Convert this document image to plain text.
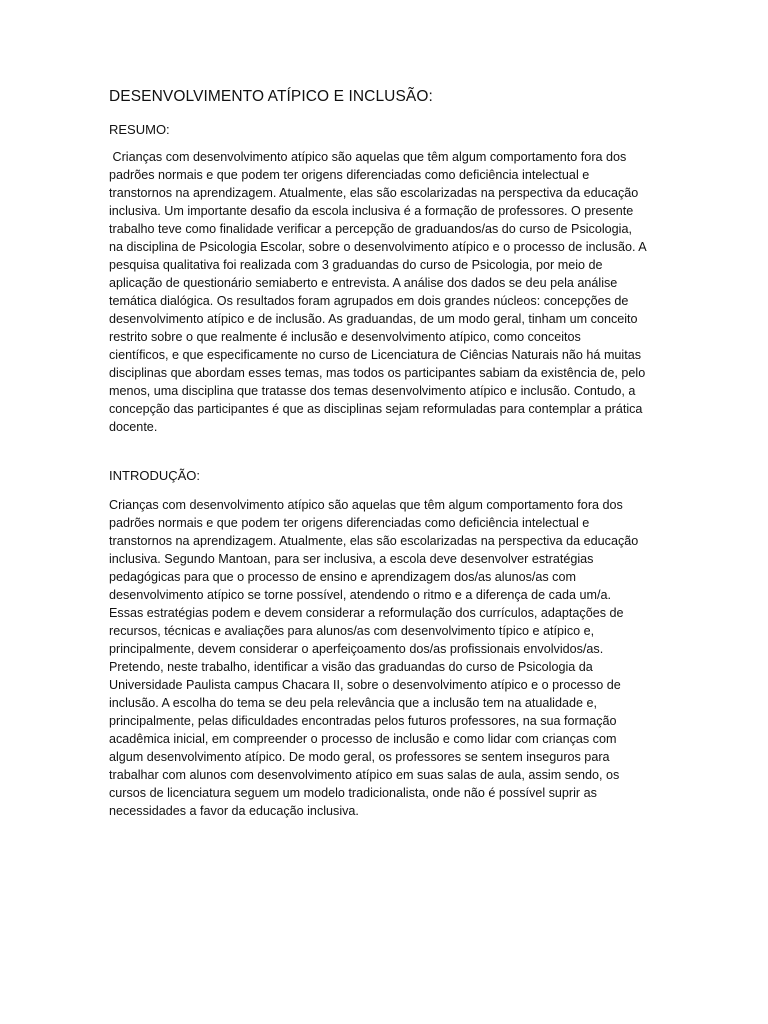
DESENVOLVIMENTO ATÍPICO E INCLUSÃO:
RESUMO:
Crianças com desenvolvimento atípico são aquelas que têm algum comportamento fora dos
padrões normais e que podem ter origens diferenciadas como deficiência intelectual e
transtornos na aprendizagem. Atualmente, elas são escolarizadas na perspectiva da educação
inclusiva. Um importante desafio da escola inclusiva é a formação de professores. O presente
trabalho teve como finalidade verificar a percepção de graduandos/as do curso de Psicologia,
na disciplina de Psicologia Escolar, sobre o desenvolvimento atípico e o processo de inclusão. A
pesquisa qualitativa foi realizada com 3 graduandas do curso de Psicologia, por meio de
aplicação de questionário semiaberto e entrevista. A análise dos dados se deu pela análise
temática dialógica. Os resultados foram agrupados em dois grandes núcleos: concepções de
desenvolvimento atípico e de inclusão. As graduandas, de um modo geral, tinham um conceito
restrito sobre o que realmente é inclusão e desenvolvimento atípico, como conceitos
científicos, e que especificamente no curso de Licenciatura de Ciências Naturais não há muitas
disciplinas que abordam esses temas, mas todos os participantes sabiam da existência de, pelo
menos, uma disciplina que tratasse dos temas desenvolvimento atípico e inclusão. Contudo, a
concepção das participantes é que as disciplinas sejam reformuladas para contemplar a prática
docente.
INTRODUÇÃO:
Crianças com desenvolvimento atípico são aquelas que têm algum comportamento fora dos
padrões normais e que podem ter origens diferenciadas como deficiência intelectual e
transtornos na aprendizagem. Atualmente, elas são escolarizadas na perspectiva da educação
inclusiva. Segundo Mantoan, para ser inclusiva, a escola deve desenvolver estratégias
pedagógicas para que o processo de ensino e aprendizagem dos/as alunos/as com
desenvolvimento atípico se torne possível, atendendo o ritmo e a diferença de cada um/a.
Essas estratégias podem e devem considerar a reformulação dos currículos, adaptações de
recursos, técnicas e avaliações para alunos/as com desenvolvimento típico e atípico e,
principalmente, devem considerar o aperfeiçoamento dos/as profissionais envolvidos/as.
Pretendo, neste trabalho, identificar a visão das graduandas do curso de Psicologia da
Universidade Paulista campus Chacara II, sobre o desenvolvimento atípico e o processo de
inclusão. A escolha do tema se deu pela relevância que a inclusão tem na atualidade e,
principalmente, pelas dificuldades encontradas pelos futuros professores, na sua formação
acadêmica inicial, em compreender o processo de inclusão e como lidar com crianças com
algum desenvolvimento atípico. De modo geral, os professores se sentem inseguros para
trabalhar com alunos com desenvolvimento atípico em suas salas de aula, assim sendo, os
cursos de licenciatura seguem um modelo tradicionalista, onde não é possível suprir as
necessidades a favor da educação inclusiva.
